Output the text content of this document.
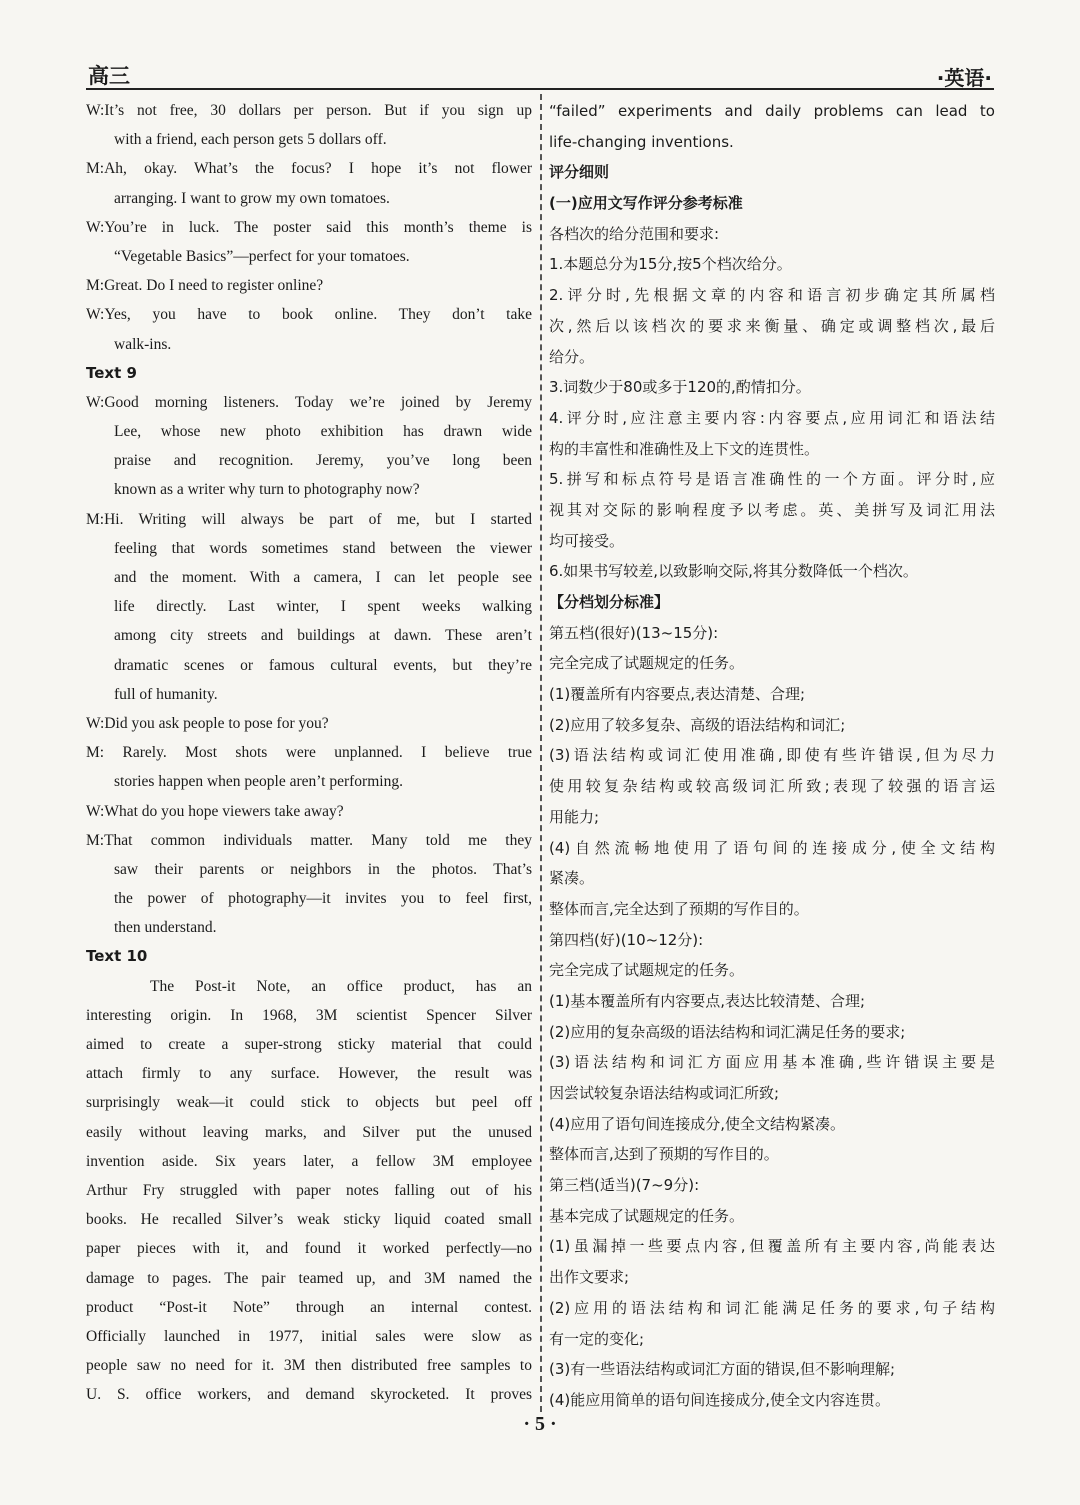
高三	·英语·
W:It’s not free, 30 dollars per person. But if you sign up
with a friend, each person gets 5 dollars off.
M:Ah, okay. What’s the focus? I hope it’s not flower
arranging. I want to grow my own tomatoes.
W:You’re in luck. The poster said this month’s theme is
“Vegetable Basics”—perfect for your tomatoes.
M:Great. Do I need to register online?
W:Yes, you have to book online. They don’t take
walk-ins.
Text 9
W:Good morning listeners. Today we’re joined by Jeremy
Lee, whose new photo exhibition has drawn wide
praise and recognition. Jeremy, you’ve long been
known as a writer why turn to photography now?
M:Hi. Writing will always be part of me, but I started
feeling that words sometimes stand between the viewer
and the moment. With a camera, I can let people see
life directly. Last winter, I spent weeks walking
among city streets and buildings at dawn. These aren’t
dramatic scenes or famous cultural events, but they’re
full of humanity.
W:Did you ask people to pose for you?
M: Rarely. Most shots were unplanned. I believe true
stories happen when people aren’t performing.
W:What do you hope viewers take away?
M:That common individuals matter. Many told me they
saw their parents or neighbors in the photos. That’s
the power of photography—it invites you to feel first,
then understand.
Text 10
The Post-it Note, an office product, has an
interesting origin. In 1968, 3M scientist Spencer Silver
aimed to create a super-strong sticky material that could
attach firmly to any surface. However, the result was
surprisingly weak—it could stick to objects but peel off
easily without leaving marks, and Silver put the unused
invention aside. Six years later, a fellow 3M employee
Arthur Fry struggled with paper notes falling out of his
books. He recalled Silver’s weak sticky liquid coated small
paper pieces with it, and found it worked perfectly—no
damage to pages. The pair teamed up, and 3M named the
product “Post-it Note” through an internal contest.
Officially launched in 1977, initial sales were slow as
people saw no need for it. 3M then distributed free samples to
U. S. office workers, and demand skyrocketed. It proves
“failed” experiments and daily problems can lead to
life-changing inventions.
评分细则
(一)应用文写作评分参考标准
各档次的给分范围和要求:
1.本题总分为15分,按5个档次给分。
2.评分时,先根据文章的内容和语言初步确定其所属档
次,然后以该档次的要求来衡量、确定或调整档次,最后
给分。
3.词数少于80或多于120的,酌情扣分。
4.评分时,应注意主要内容:内容要点,应用词汇和语法结
构的丰富性和准确性及上下文的连贯性。
5.拼写和标点符号是语言准确性的一个方面。评分时,应
视其对交际的影响程度予以考虑。英、美拼写及词汇用法
均可接受。
6.如果书写较差,以致影响交际,将其分数降低一个档次。
【分档划分标准】
第五档(很好)(13~15分):
完全完成了试题规定的任务。
(1)覆盖所有内容要点,表达清楚、合理;
(2)应用了较多复杂、高级的语法结构和词汇;
(3)语法结构或词汇使用准确,即使有些许错误,但为尽力
使用较复杂结构或较高级词汇所致;表现了较强的语言运
用能力;
(4)自然流畅地使用了语句间的连接成分,使全文结构
紧凑。
整体而言,完全达到了预期的写作目的。
第四档(好)(10~12分):
完全完成了试题规定的任务。
(1)基本覆盖所有内容要点,表达比较清楚、合理;
(2)应用的复杂高级的语法结构和词汇满足任务的要求;
(3)语法结构和词汇方面应用基本准确,些许错误主要是
因尝试较复杂语法结构或词汇所致;
(4)应用了语句间连接成分,使全文结构紧凑。
整体而言,达到了预期的写作目的。
第三档(适当)(7~9分):
基本完成了试题规定的任务。
(1)虽漏掉一些要点内容,但覆盖所有主要内容,尚能表达
出作文要求;
(2)应用的语法结构和词汇能满足任务的要求,句子结构
有一定的变化;
(3)有一些语法结构或词汇方面的错误,但不影响理解;
(4)能应用简单的语句间连接成分,使全文内容连贯。
· 5 ·
